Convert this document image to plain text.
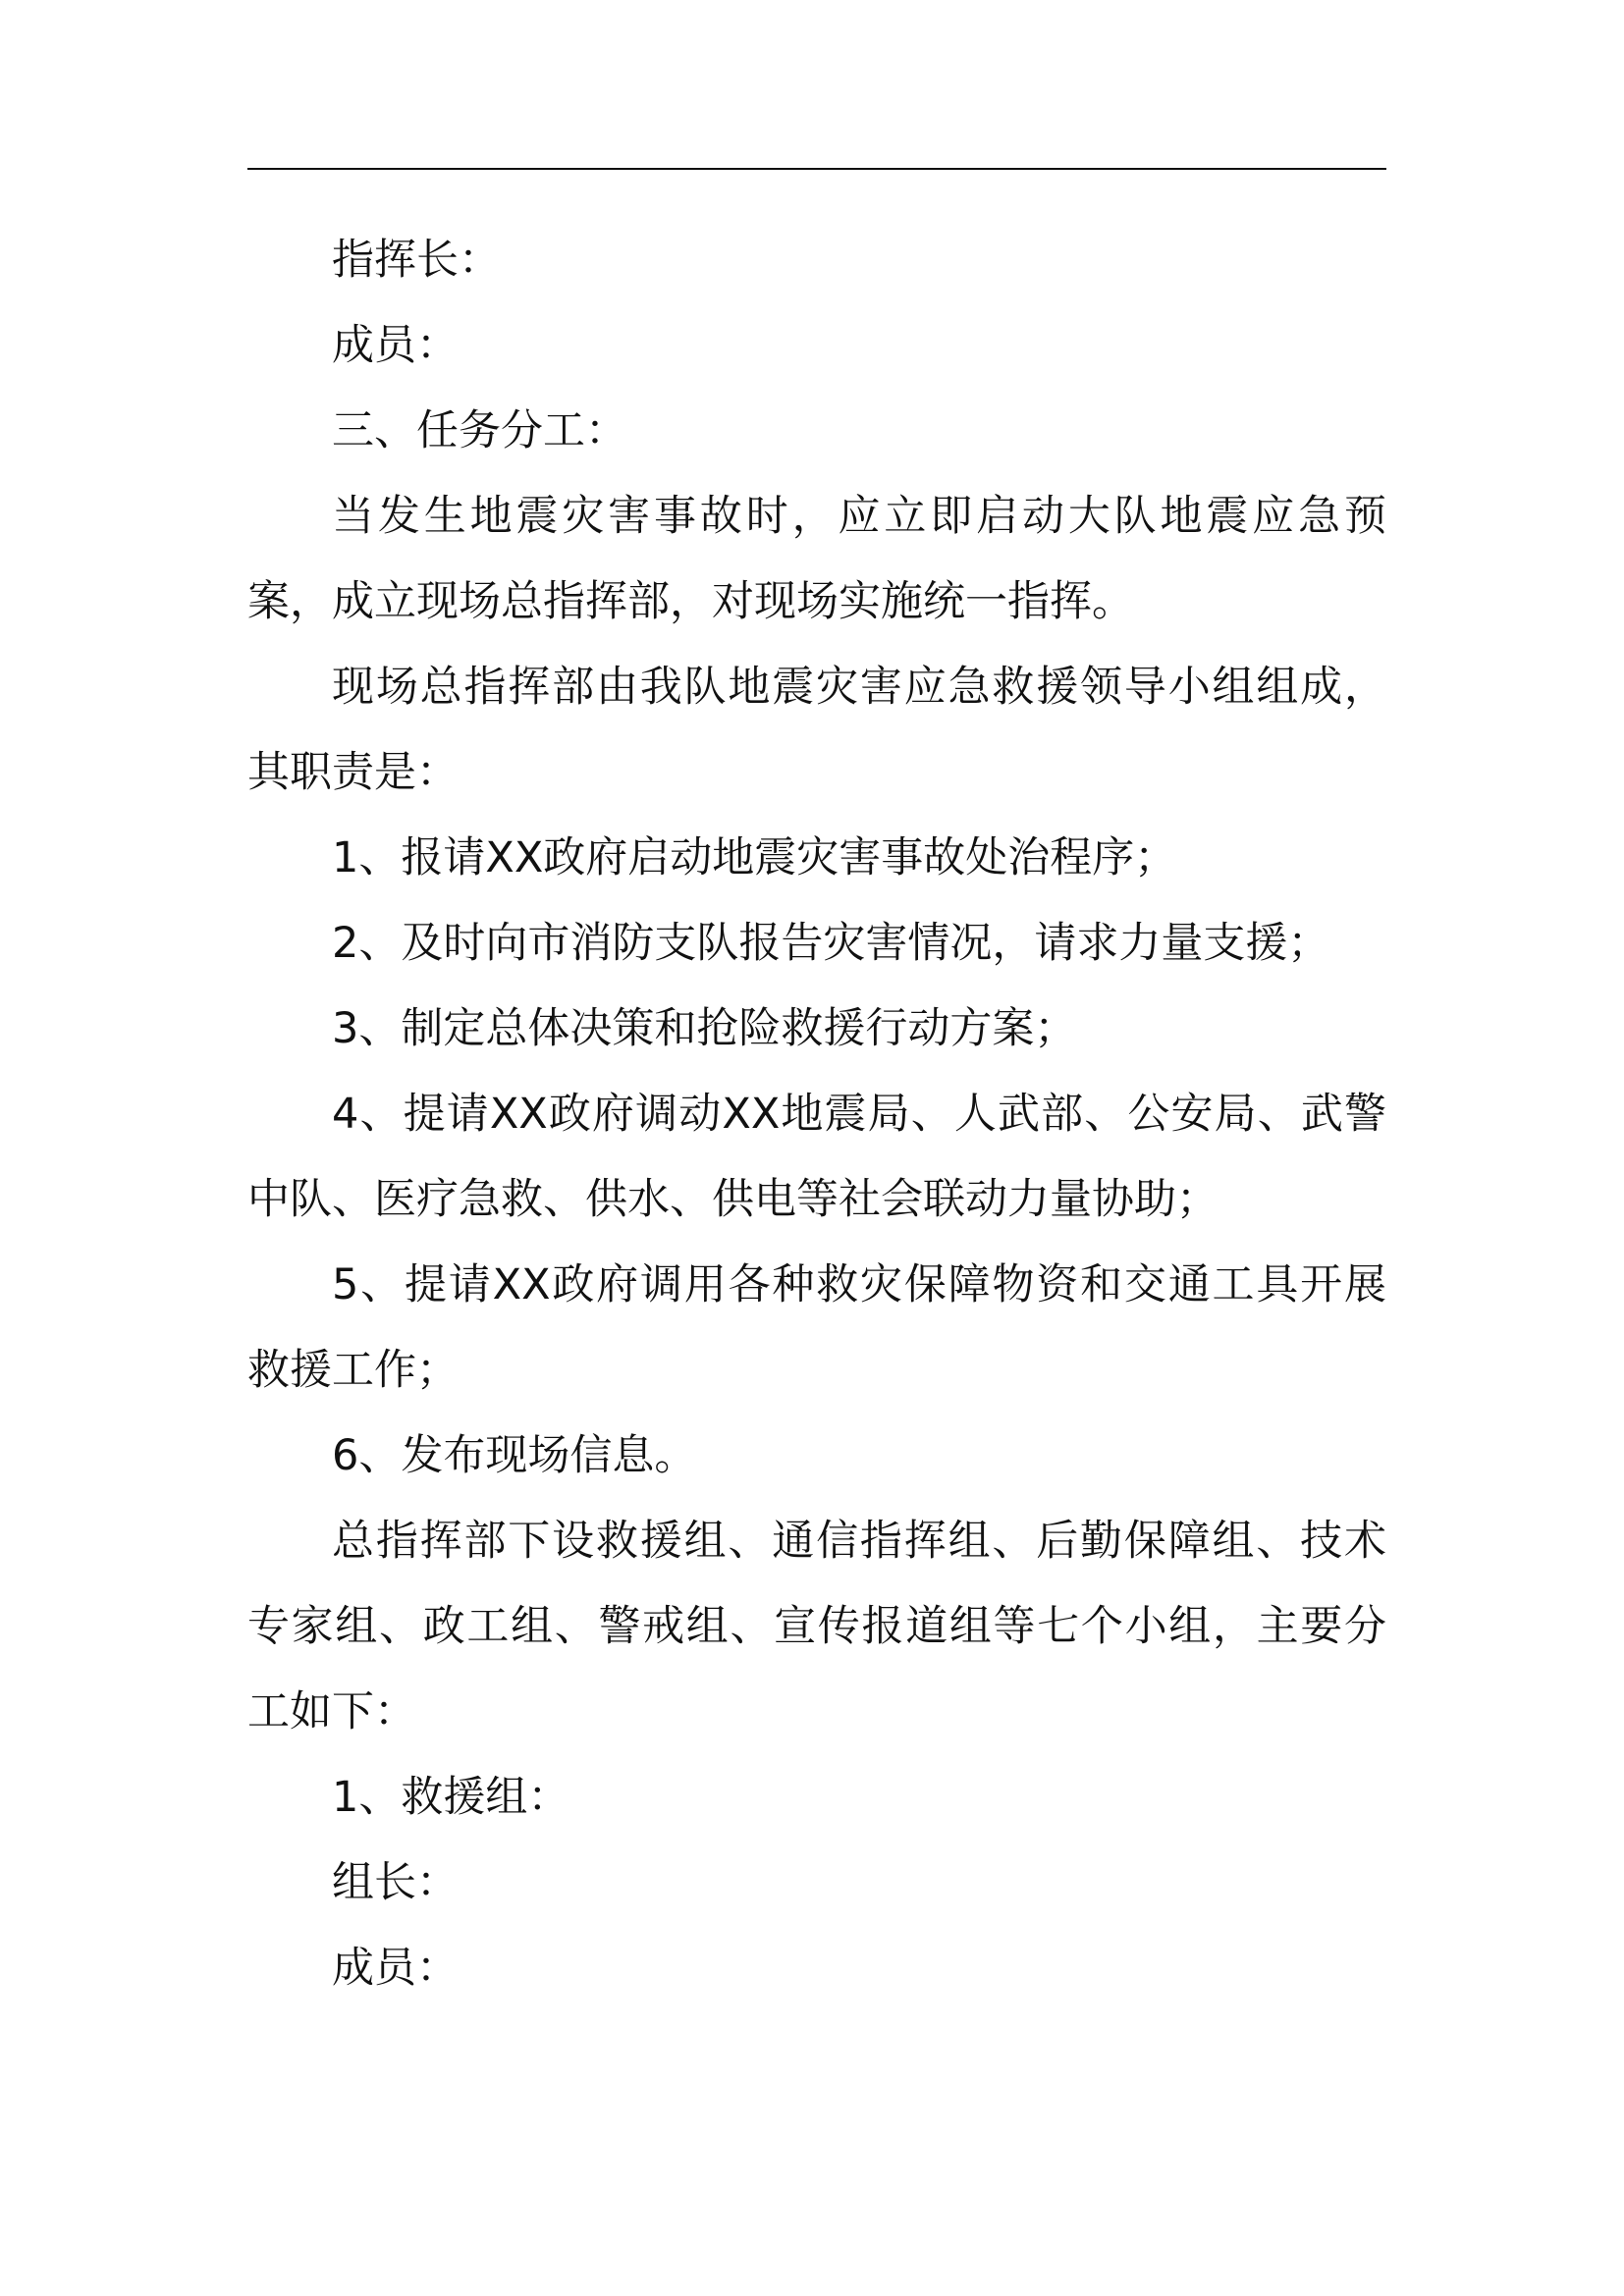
指挥长：

成员：

三、任务分工：

当发生地震灾害事故时，应立即启动大队地震应急预案，成立现场总指挥部，对现场实施统一指挥。

现场总指挥部由我队地震灾害应急救援领导小组组成，其职责是：

1、报请XX政府启动地震灾害事故处治程序；

2、及时向市消防支队报告灾害情况，请求力量支援；

3、制定总体决策和抢险救援行动方案；

4、提请XX政府调动XX地震局、人武部、公安局、武警中队、医疗急救、供水、供电等社会联动力量协助；

5、提请XX政府调用各种救灾保障物资和交通工具开展救援工作；

6、发布现场信息。

总指挥部下设救援组、通信指挥组、后勤保障组、技术专家组、政工组、警戒组、宣传报道组等七个小组，主要分工如下：

1、救援组：

组长：

成员：
